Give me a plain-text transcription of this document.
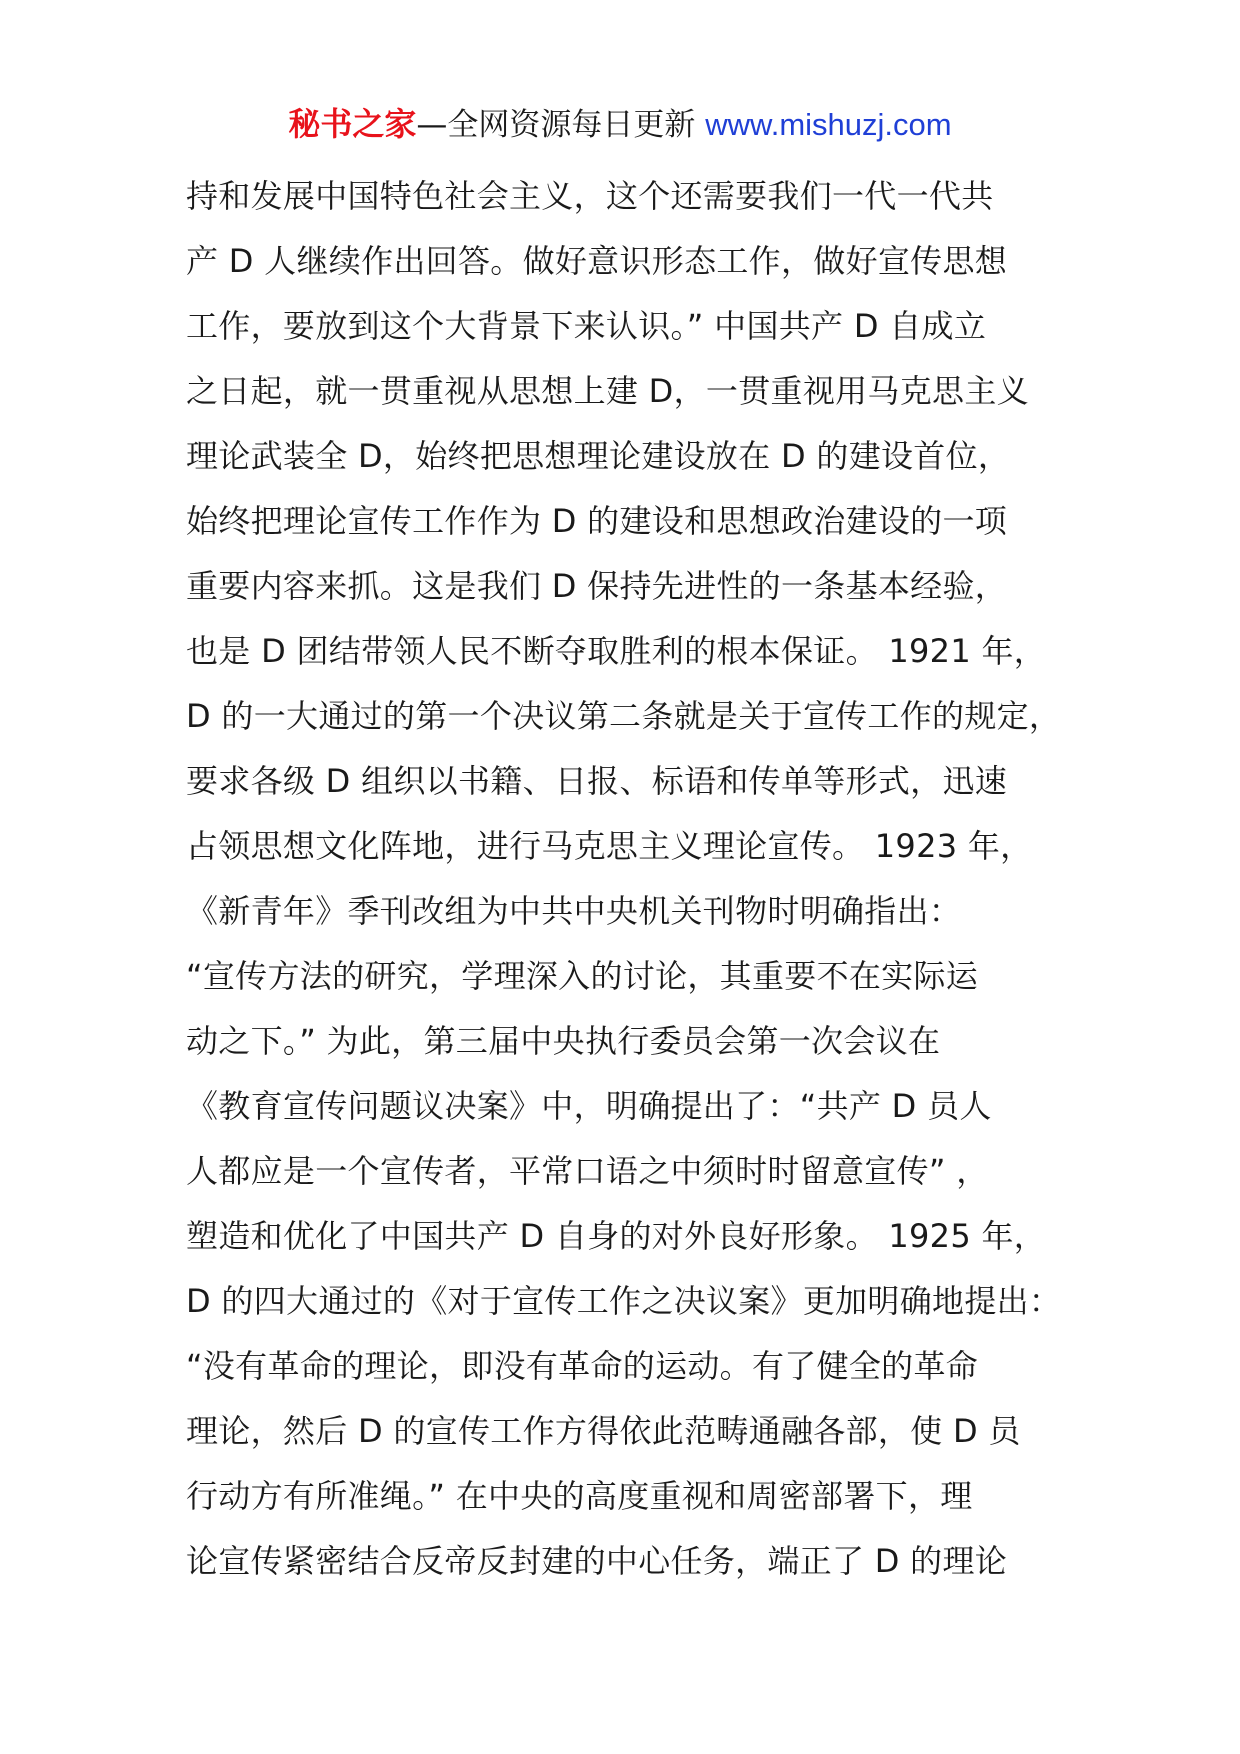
秘书之家—全网资源每日更新 www.mishuzj.com
持和发展中国特色社会主义，这个还需要我们一代一代共
产 D 人继续作出回答。做好意识形态工作，做好宣传思想
工作，要放到这个大背景下来认识。” 中国共产 D 自成立
之日起，就一贯重视从思想上建 D，一贯重视用马克思主义
理论武装全 D，始终把思想理论建设放在 D 的建设首位，
始终把理论宣传工作作为 D 的建设和思想政治建设的一项
重要内容来抓。这是我们 D 保持先进性的一条基本经验，
也是 D 团结带领人民不断夺取胜利的根本保证。 1921 年，
D 的一大通过的第一个决议第二条就是关于宣传工作的规定，
要求各级 D 组织以书籍、日报、标语和传单等形式，迅速
占领思想文化阵地，进行马克思主义理论宣传。 1923 年，
《新青年》季刊改组为中共中央机关刊物时明确指出：
“宣传方法的研究，学理深入的讨论，其重要不在实际运
动之下。” 为此，第三届中央执行委员会第一次会议在
《教育宣传问题议决案》中，明确提出了：“共产 D 员人
人都应是一个宣传者，平常口语之中须时时留意宣传” ，
塑造和优化了中国共产 D 自身的对外良好形象。 1925 年，
D 的四大通过的《对于宣传工作之决议案》更加明确地提出：
“没有革命的理论，即没有革命的运动。有了健全的革命
理论，然后 D 的宣传工作方得依此范畴通融各部，使 D 员
行动方有所准绳。” 在中央的高度重视和周密部署下，理
论宣传紧密结合反帝反封建的中心任务，端正了 D 的理论
